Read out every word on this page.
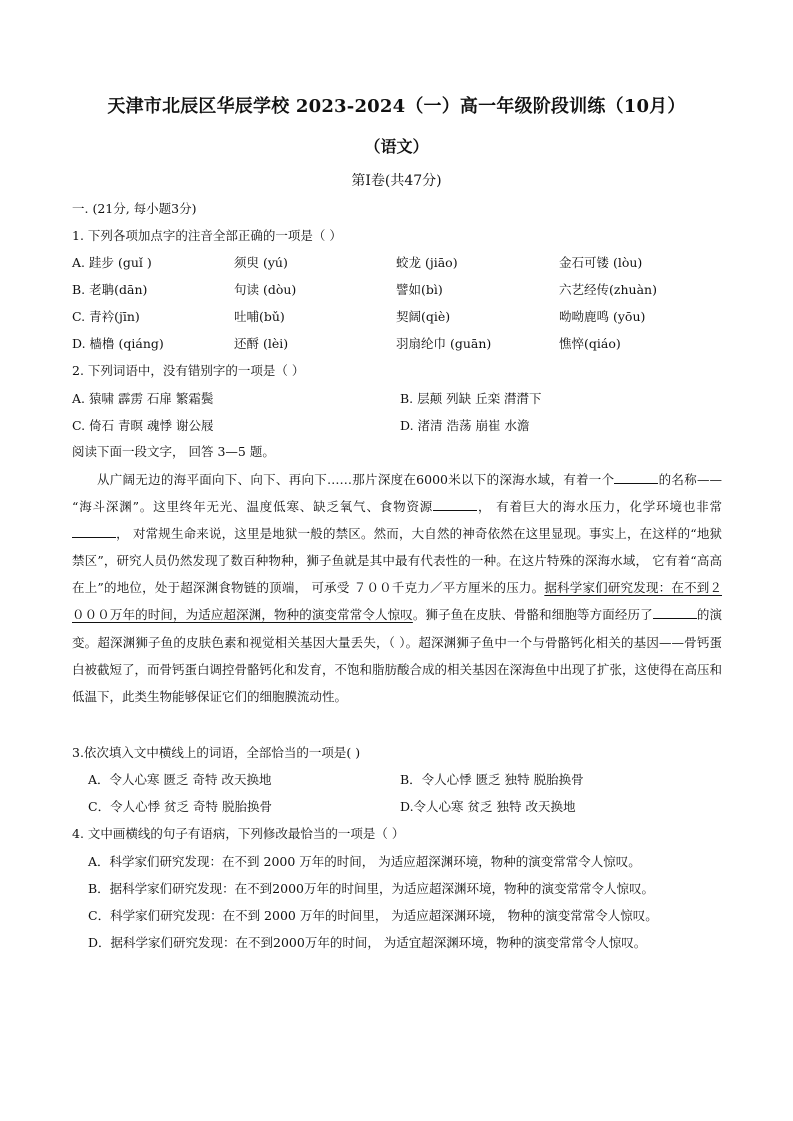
天津市北辰区华辰学校 2023-2024（一）高一年级阶段训练（10月）
（语文）
第Ⅰ卷(共47分)
一. (21分, 每小题3分)
1. 下列各项加点字的注音全部正确的一项是（ ）
A. 跬步 (guǐ )	须臾 (yú)	蛟龙 (jiāo)	金石可镂 (lòu)
B. 老聃(dān)	句读 (dòu)	譬如(bì)	六艺经传(zhuàn)
C. 青衿(jīn)	吐哺(bǔ)	契阔(qiè)	呦呦鹿鸣 (yōu)
D. 樯橹 (qiáng)	还酹 (lèi)	羽扇纶巾 (guān)	憔悴(qiáo)
2. 下列词语中，没有错别字的一项是（ ）
A. 猿啸 霹雳 石扉 繁霜鬓	B. 层颠 列缺 丘栾 潸潸下
C. 倚石 青暝 魂悸 谢公屐	D. 渚清 浩荡 崩崔 水澹
阅读下面一段文字， 回答 3—5 题。
从广阔无边的海平面向下、向下、再向下……那片深度在6000米以下的深海水域，有着一个	的名称—— “海斗深渊”。这里终年无光、温度低寒、缺乏氧气、食物资源	， 有着巨大的海水压力，化学环境也非常， 对常规生命来说，这里是地狱一般的禁区。然而，大自然的神奇依然在这里显现。事实上，在这样的“地狱禁区”，研究人员仍然发现了数百种物种，狮子鱼就是其中最有代表性的一种。在这片特殊的深海水域， 它有着“高高在上”的地位，处于超深渊食物链的顶端， 可承受 ７００千克力／平方厘米的压力。据科学家们研究发现：在不到２０００万年的时间，为适应超深渊，物种的演变常常令人惊叹。狮子鱼在皮肤、骨骼和细胞等方面经历了	的演变。超深渊狮子鱼的皮肤色素和视觉相关基因大量丢失，（ ）。超深渊狮子鱼中一个与骨骼钙化相关的基因——骨钙蛋白被截短了，而骨钙蛋白调控骨骼钙化和发育，不饱和脂肪酸合成的相关基因在深海鱼中出现了扩张，这使得在高压和低温下，此类生物能够保证它们的细胞膜流动性。
3.依次填入文中横线上的词语，全部恰当的一项是( )
A．令人心寒 匮乏 奇特 改天换地	B．令人心悸 匮乏 独特 脱胎换骨
C．令人心悸 贫乏 奇特 脱胎换骨	D.令人心寒 贫乏 独特 改天换地
4. 文中画横线的句子有语病，下列修改最恰当的一项是（ ）
A．科学家们研究发现：在不到 2000 万年的时间， 为适应超深渊环境，物种的演变常常令人惊叹。
B．据科学家们研究发现：在不到2000万年的时间里，为适应超深渊环境，物种的演变常常令人惊叹。
C．科学家们研究发现：在不到 2000 万年的时间里， 为适应超深渊环境， 物种的演变常常令人惊叹。
D．据科学家们研究发现：在不到2000万年的时间， 为适宜超深渊环境，物种的演变常常令人惊叹。
